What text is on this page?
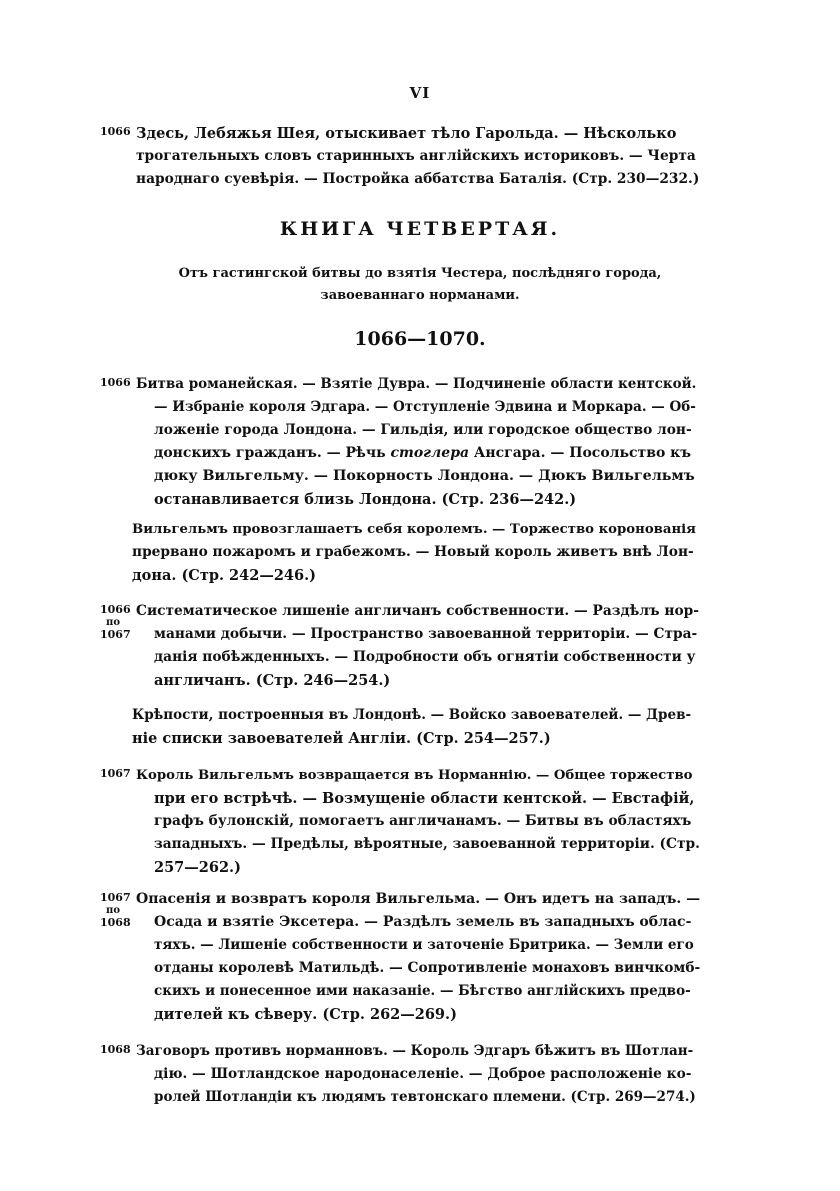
VI
1066 Здесь, Лебяжья Шея, отыскивает тѣло Гарольда. — Нѣсколько
трогательныхъ словъ старинныхъ англійскихъ историковъ. — Черта
народнаго суевѣрія. — Постройка аббатства Баталія. (Стр. 230—232.)
КНИГА ЧЕТВЕРТАЯ.
Отъ гастингской битвы до взятія Честера, послѣдняго города,
завоеваннаго норманами.
1066—1070.
1066 Битва романейская. — Взятіе Дувра. — Подчиненіе области кентской.
— Избраніе короля Эдгара. — Отступленіе Эдвина и Моркара. — Об-
ложеніе города Лондона. — Гильдія, или городское общество лон-
донскихъ гражданъ. — Рѣчь стоглера Ансгара. — Посольство къ
дюку Вильгельму. — Покорность Лондона. — Дюкъ Вильгельмъ
останавливается близь Лондона. (Стр. 236—242.)
Вильгельмъ провозглашаетъ себя королемъ. — Торжество коронованія
прервано пожаромъ и грабежомъ. — Новый король живетъ внѣ Лон-
дона. (Стр. 242—246.)
1066
по
1067
Систематическое лишеніе англичанъ собственности. — Раздѣлъ нор-
манами добычи. — Пространство завоеванной территоріи. — Стра-
данія побѣжденныхъ. — Подробности объ огнятіи собственности у
англичанъ. (Стр. 246—254.)
Крѣпости, построенныя въ Лондонѣ. — Войско завоевателей. — Древ-
ніе списки завоевателей Англіи. (Стр. 254—257.)
1067 Король Вильгельмъ возвращается въ Норманнію. — Общее торжество
при его встрѣчѣ. — Возмущеніе области кентской. — Евстафій,
графъ булонскій, помогаетъ англичанамъ. — Битвы въ областяхъ
западныхъ. — Предѣлы, вѣроятные, завоеванной территоріи. (Стр.
257—262.)
1067
по
1068
Опасенія и возвратъ короля Вильгельма. — Онъ идетъ на западъ. —
Осада и взятіе Эксетера. — Раздѣлъ земель въ западныхъ облас-
тяхъ. — Лишеніе собственности и заточеніе Бритрика. — Земли его
отданы королевѣ Матильдѣ. — Сопротивленіе монаховъ винчкомб-
скихъ и понесенное ими наказаніе. — Бѣгство англійскихъ предво-
дителей къ сѣверу. (Стр. 262—269.)
1068 Заговоръ противъ норманновъ. — Король Эдгаръ бѣжитъ въ Шотлан-
дію. — Шотландское народонаселеніе. — Доброе расположеніе ко-
ролей Шотландіи къ людямъ тевтонскаго племени. (Стр. 269—274.)
